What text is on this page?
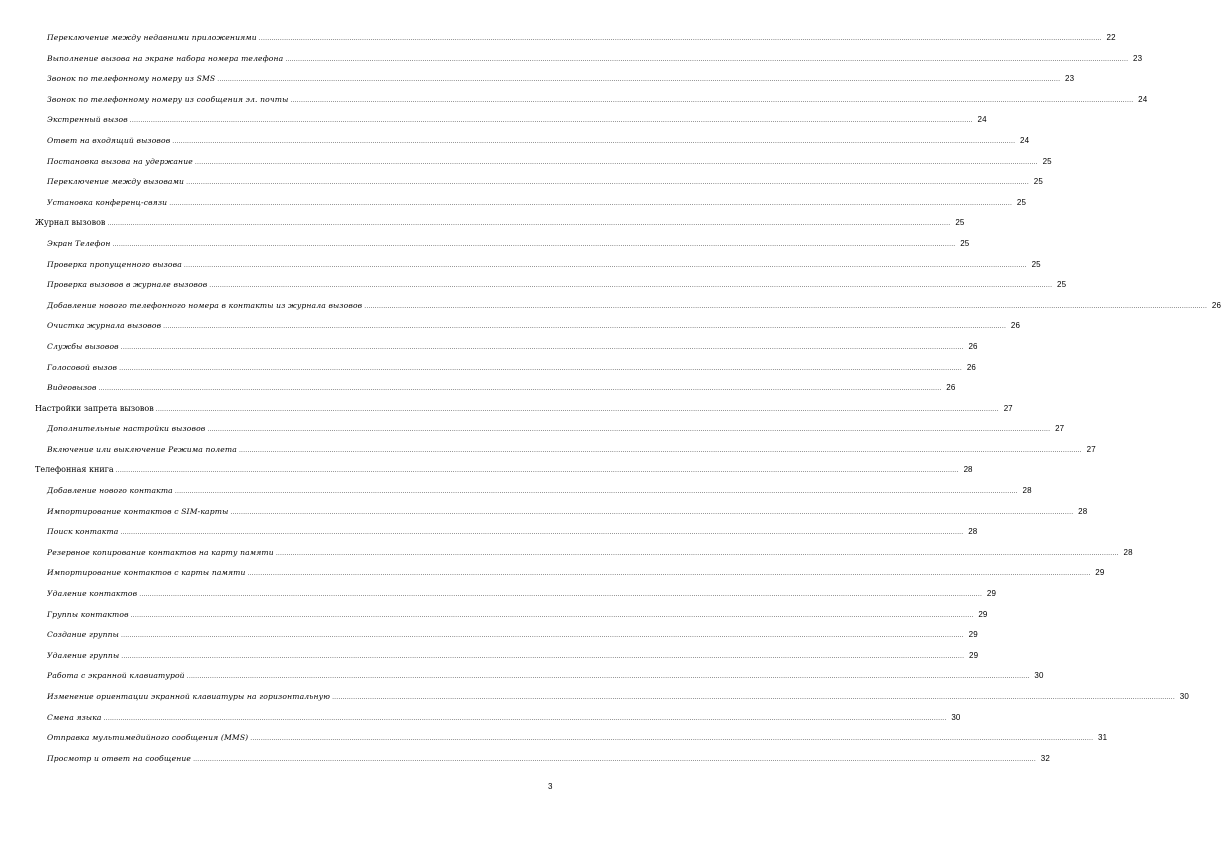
Переключение между недавними приложениями ................................................................................................................................................................................................................................................................................................................................................................................................................ 22
Выполнение вызова на экране набора номера телефона ................................................................................................................................................................................................................................................................................................................................................................................................................ 23
Звонок по телефонному номеру из SMS ................................................................................................................................................................................................................................................................................................................................................................................................................ 23
Звонок по телефонному номеру из сообщения эл. почты ................................................................................................................................................................................................................................................................................................................................................................................................................ 24
Экстренный вызов ................................................................................................................................................................................................................................................................................................................................................................................................................ 24
Ответ на входящий вызовов ................................................................................................................................................................................................................................................................................................................................................................................................................ 24
Постановка вызова на удержание ................................................................................................................................................................................................................................................................................................................................................................................................................ 25
Переключение между вызовами ................................................................................................................................................................................................................................................................................................................................................................................................................ 25
Установка конференц-связи ................................................................................................................................................................................................................................................................................................................................................................................................................ 25
Журнал вызовов ................................................................................................................................................................................................................................................................................................................................................................................................................ 25
Экран Телефон ................................................................................................................................................................................................................................................................................................................................................................................................................ 25
Проверка пропущенного вызова ................................................................................................................................................................................................................................................................................................................................................................................................................ 25
Проверка вызовов в журнале вызовов ................................................................................................................................................................................................................................................................................................................................................................................................................ 25
Добавление нового телефонного номера в контакты из журнала вызовов ................................................................................................................................................................................................................................................................................................................................................................................................................ 26
Очистка журнала вызовов ................................................................................................................................................................................................................................................................................................................................................................................................................ 26
Службы вызовов ................................................................................................................................................................................................................................................................................................................................................................................................................ 26
Голосовой вызов ................................................................................................................................................................................................................................................................................................................................................................................................................ 26
Видеовызов ................................................................................................................................................................................................................................................................................................................................................................................................................ 26
Настройки запрета вызовов ................................................................................................................................................................................................................................................................................................................................................................................................................ 27
Дополнительные настройки вызовов ................................................................................................................................................................................................................................................................................................................................................................................................................ 27
Включение или выключение Режима полета ................................................................................................................................................................................................................................................................................................................................................................................................................ 27
Телефонная книга ................................................................................................................................................................................................................................................................................................................................................................................................................ 28
Добавление нового контакта ................................................................................................................................................................................................................................................................................................................................................................................................................ 28
Импортирование контактов с SIM-карты ................................................................................................................................................................................................................................................................................................................................................................................................................ 28
Поиск контакта ................................................................................................................................................................................................................................................................................................................................................................................................................ 28
Резервное копирование контактов на карту памяти ................................................................................................................................................................................................................................................................................................................................................................................................................ 28
Импортирование контактов с карты памяти ................................................................................................................................................................................................................................................................................................................................................................................................................ 29
Удаление контактов ................................................................................................................................................................................................................................................................................................................................................................................................................ 29
Группы контактов ................................................................................................................................................................................................................................................................................................................................................................................................................ 29
Создание группы ................................................................................................................................................................................................................................................................................................................................................................................................................ 29
Удаление группы ................................................................................................................................................................................................................................................................................................................................................................................................................ 29
Работа с экранной клавиатурой ................................................................................................................................................................................................................................................................................................................................................................................................................ 30
Изменение ориентации экранной клавиатуры на горизонтальную ................................................................................................................................................................................................................................................................................................................................................................................................................ 30
Смена языка ................................................................................................................................................................................................................................................................................................................................................................................................................ 30
Отправка мультимедийного сообщения (MMS) ................................................................................................................................................................................................................................................................................................................................................................................................................ 31
Просмотр и ответ на сообщение ................................................................................................................................................................................................................................................................................................................................................................................................................ 32
3
